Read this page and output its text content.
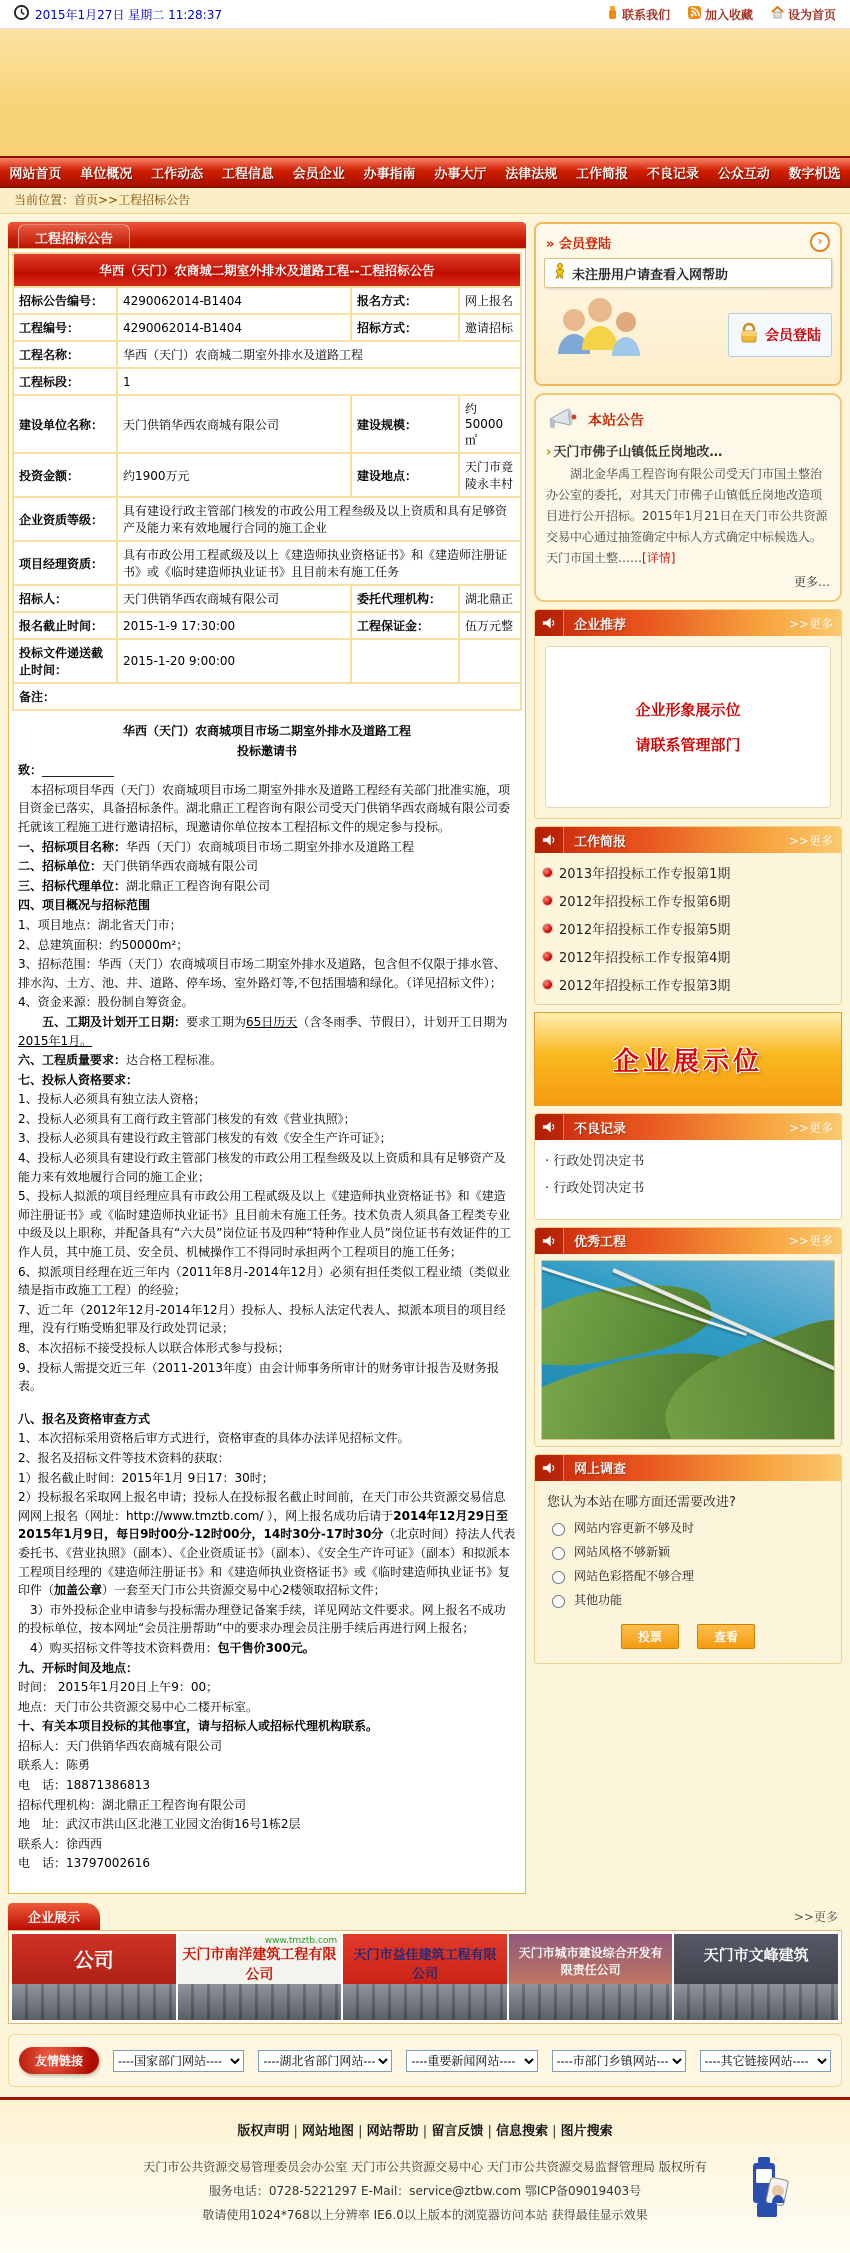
2015年1月27日 星期二 11:28:37	联系我们	加入收藏	设为首页
网站首页	单位概况	工作动态	工程信息	会员企业	办事指南	办事大厅	法律法规	工作简报	不良记录	公众互动	数字机选
当前位置：首页>>工程招标公告
工程招标公告
华西（天门）农商城二期室外排水及道路工程--工程招标公告			
招标公告编号：	4290062014-B1404	报名方式：	网上报名
工程编号：	4290062014-B1404	招标方式：	邀请招标
工程名称：	华西（天门）农商城二期室外排水及道路工程		
工程标段：	1		
建设单位名称：	天门供销华西农商城有限公司	建设规模：	约50000㎡
投资金额：	约1900万元	建设地点：	天门市竟陵永丰村
企业资质等级：	具有建设行政主管部门核发的市政公用工程叁级及以上资质和具有足够资产及能力来有效地履行合同的施工企业		
项目经理资质：	具有市政公用工程贰级及以上《建造师执业资格证书》和《建造师注册证书》或《临时建造师执业证书》且目前未有施工任务		
招标人：	天门供销华西农商城有限公司	委托代理机构：	湖北鼎正
报名截止时间：	2015-1-9 17:30:00	工程保证金：	伍万元整
投标文件递送截止时间：	2015-1-20 9:00:00		
备注：			
华西（天门）农商城项目市场二期室外排水及道路工程
投标邀请书
致：____________
　本招标项目华西（天门）农商城项目市场二期室外排水及道路工程经有关部门批准实施，项目资金已落实，具备招标条件。湖北鼎正工程咨询有限公司受天门供销华西农商城有限公司委托就该工程施工进行邀请招标，现邀请你单位按本工程招标文件的规定参与投标。
一、招标项目名称：华西（天门）农商城项目市场二期室外排水及道路工程
二、招标单位：天门供销华西农商城有限公司
三、招标代理单位：湖北鼎正工程咨询有限公司
四、项目概况与招标范围
1、项目地点：湖北省天门市；
2、总建筑面积：约50000m²；
3、招标范围：华西（天门）农商城项目市场二期室外排水及道路，包含但不仅限于排水管、排水沟、土方、池、井、道路、停车场、室外路灯等,不包括围墙和绿化。（详见招标文件）；
4、资金来源：股份制自筹资金。
五、工期及计划开工日期：要求工期为65日历天（含冬雨季、节假日），计划开工日期为2015年1月。
六、工程质量要求：达合格工程标准。
七、投标人资格要求：
1、投标人必须具有独立法人资格；
2、投标人必须具有工商行政主管部门核发的有效《营业执照》；
3、投标人必须具有建设行政主管部门核发的有效《安全生产许可证》；
4、投标人必须具有建设行政主管部门核发的市政公用工程叁级及以上资质和具有足够资产及能力来有效地履行合同的施工企业；
5、投标人拟派的项目经理应具有市政公用工程贰级及以上《建造师执业资格证书》和《建造师注册证书》或《临时建造师执业证书》且目前未有施工任务。技术负责人须具备工程类专业中级及以上职称，并配备具有“六大员”岗位证书及四种“特种作业人员”岗位证书有效证件的工作人员，其中施工员、安全员、机械操作工不得同时承担两个工程项目的施工任务；
6、拟派项目经理在近三年内（2011年8月-2014年12月）必须有担任类似工程业绩（类似业绩是指市政施工工程）的经验；
7、近二年（2012年12月-2014年12月）投标人、投标人法定代表人、拟派本项目的项目经理，没有行贿受贿犯罪及行政处罚记录；
8、本次招标不接受投标人以联合体形式参与投标；
9、投标人需提交近三年（2011-2013年度）由会计师事务所审计的财务审计报告及财务报表。
八、报名及资格审查方式
1、本次招标采用资格后审方式进行，资格审查的具体办法详见招标文件。
2、报名及招标文件等技术资料的获取：
1）报名截止时间：2015年1月 9日17：30时；
2）投标报名采取网上报名申请；投标人在投标报名截止时间前，在天门市公共资源交易信息网网上报名（网址：http://www.tmztb.com/ ），网上报名成功后请于2014年12月29日至2015年1月9日，每日9时00分-12时00分，14时30分-17时30分（北京时间）持法人代表委托书、《营业执照》（副本）、《企业资质证书》（副本）、《安全生产许可证》（副本）和拟派本工程项目经理的《建造师注册证书》和《建造师执业资格证书》或《临时建造师执业证书》复印件（加盖公章）一套至天门市公共资源交易中心2楼领取招标文件；
　3）市外投标企业申请参与投标需办理登记备案手续，详见网站文件要求。网上报名不成功的投标单位，按本网址“会员注册帮助”中的要求办理会员注册手续后再进行网上报名；
　4）购买招标文件等技术资料费用：包干售价300元。
九、开标时间及地点：
时间： 2015年1月20日上午9：00；
地点：天门市公共资源交易中心二楼开标室。
十、有关本项目投标的其他事宜，请与招标人或招标代理机构联系。
招标人：天门供销华西农商城有限公司
联系人：陈勇
电　话：18871386813
招标代理机构：湖北鼎正工程咨询有限公司
地　址：武汉市洪山区北港工业园文治街16号1栋2层
联系人：徐西西
电　话：13797002616
» 会员登陆	›
未注册用户请查看入网帮助
会员登陆
本站公告
› 天门市佛子山镇低丘岗地改…
湖北金华禹工程咨询有限公司受天门市国土整治办公室的委托，对其天门市佛子山镇低丘岗地改造项目进行公开招标。2015年1月21日在天门市公共资源交易中心通过抽签确定中标人方式确定中标候选人。天门市国土整……[详情]
更多…
企业推荐	>>更多
企业形象展示位
请联系管理部门
工作简报	>>更多
2013年招投标工作专报第1期
2012年招投标工作专报第6期
2012年招投标工作专报第5期
2012年招投标工作专报第4期
2012年招投标工作专报第3期
企业展示位
不良记录	>>更多
· 行政处罚决定书
· 行政处罚决定书
优秀工程	>>更多
网上调查
您认为本站在哪方面还需要改进?
网站内容更新不够及时
网站风格不够新颖
网站色彩搭配不够合理
其他功能
投票	查看
企业展示	>>更多
公司
www.tmztb.com
天门市南洋建筑工程有限公司
天门市益佳建筑工程有限公司
天门市城市建设综合开发有限责任公司
天门市文峰建筑
友情链接
----国家部门网站----
----湖北省部门网站---
----重要新闻网站----
----市部门乡镇网站---
----其它链接网站----
版权声明 | 网站地图 | 网站帮助 | 留言反馈 | 信息搜索 | 图片搜索
天门市公共资源交易管理委员会办公室 天门市公共资源交易中心 天门市公共资源交易监督管理局 版权所有
服务电话：0728-5221297 E-Mail：service@ztbw.com 鄂ICP备09019403号
敬请使用1024*768以上分辨率 IE6.0以上版本的浏览器访问本站 获得最佳显示效果
